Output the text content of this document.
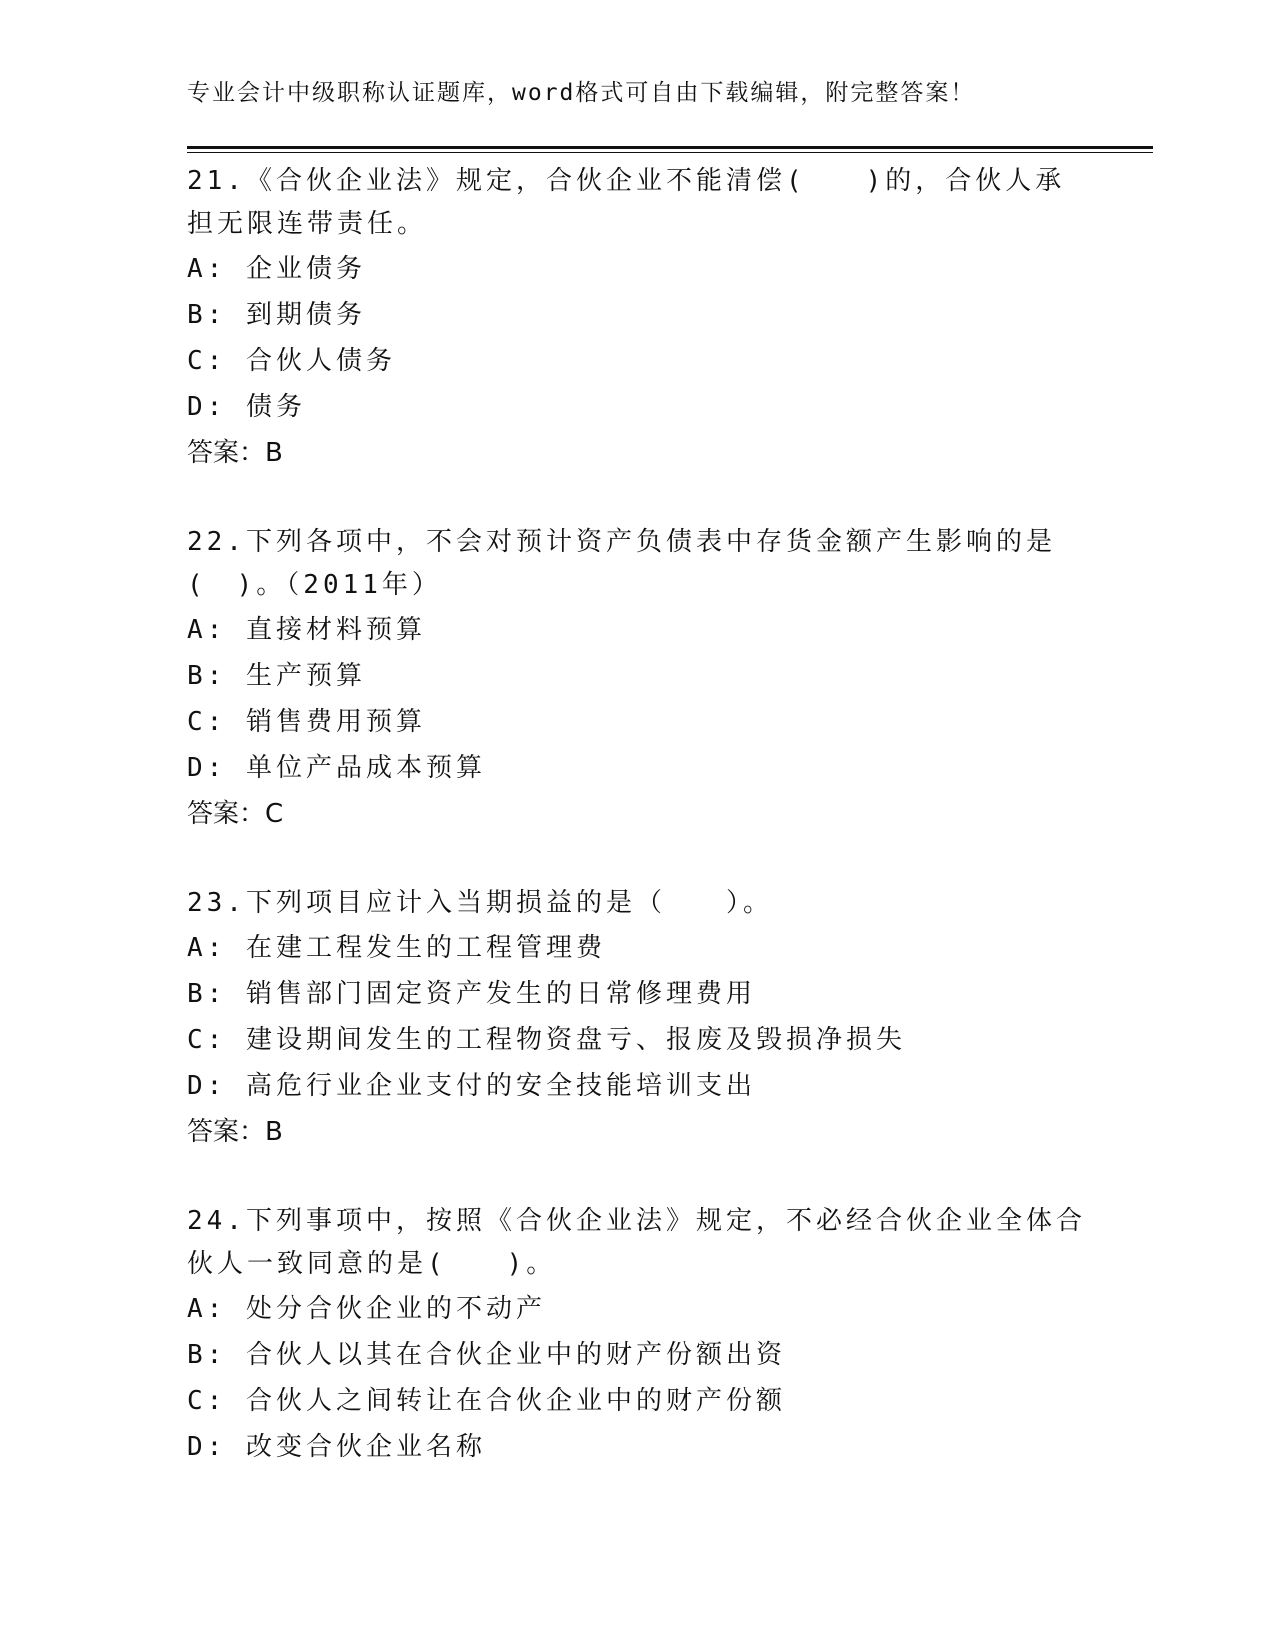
专业会计中级职称认证题库，word格式可自由下载编辑，附完整答案！

21.《合伙企业法》规定，合伙企业不能清偿(　　)的，合伙人承担无限连带责任。

A: 企业债务
B: 到期债务
C: 合伙人债务
D: 债务
答案：B

22.下列各项中，不会对预计资产负债表中存货金额产生影响的是(　)。（2011年）

A: 直接材料预算
B: 生产预算
C: 销售费用预算
D: 单位产品成本预算
答案：C

23.下列项目应计入当期损益的是（　　）。

A: 在建工程发生的工程管理费
B: 销售部门固定资产发生的日常修理费用
C: 建设期间发生的工程物资盘亏、报废及毁损净损失
D: 高危行业企业支付的安全技能培训支出
答案：B

24.下列事项中，按照《合伙企业法》规定，不必经合伙企业全体合伙人一致同意的是(　　)。

A: 处分合伙企业的不动产
B: 合伙人以其在合伙企业中的财产份额出资
C: 合伙人之间转让在合伙企业中的财产份额
D: 改变合伙企业名称
